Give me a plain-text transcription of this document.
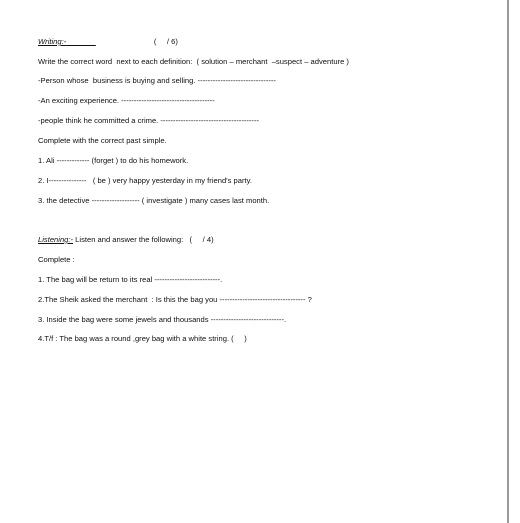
Writing:-	(     / 6)
Write the correct word  next to each definition:  ( solution – merchant  –suspect – adventure )
-Person whose  business is buying and selling. -------------------------------
-An exciting experience. -------------------------------------
-people think he committed a crime. ---------------------------------------
Complete with the correct past simple.
1. Ali ------------- (forget ) to do his homework.
2. I---------------   ( be ) very happy yesterday in my friend's party.
3. the detective ------------------- ( investigate ) many cases last month.
Listening:- Listen and answer the following:   (     / 4)
Complete :
1. The bag will be return to its real --------------------------.
2.The Sheik asked the merchant  : Is this the bag you ---------------------------------- ?
3. Inside the bag were some jewels and thousands -----------------------------.
4.T/f : The bag was a round ,grey bag with a white string. (     )
